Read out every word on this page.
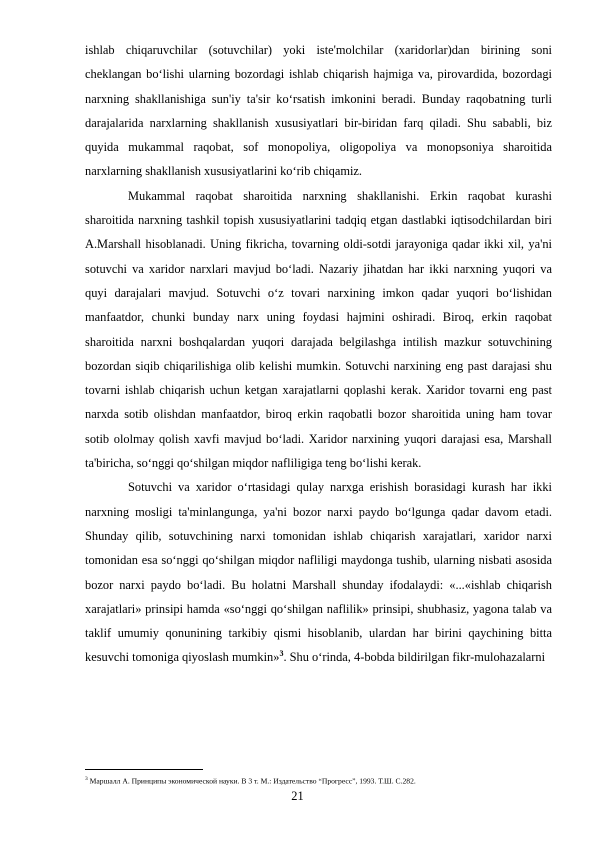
ishlab chiqaruvchilar (sotuvchilar) yoki iste'molchilar (xaridorlar)dan birining soni cheklangan bo‘lishi ularning bozordagi ishlab chiqarish hajmiga va, pirovardida, bozordagi narxning shakllanishiga sun'iy ta'sir ko‘rsatish imkonini beradi. Bunday raqobatning turli darajalarida narxlarning shakllanish xususiyatlari bir-biridan farq qiladi. Shu sababli, biz quyida mukammal raqobat, sof monopoliya, oligopoliya va monopsoniya sharoitida narxlarning shakllanish xususiyatlarini ko‘rib chiqamiz.

Mukammal raqobat sharoitida narxning shakllanishi. Erkin raqobat kurashi sharoitida narxning tashkil topish xususiyatlarini tadqiq etgan dastlabki iqtisodchilardan biri A.Marshall hisoblanadi. Uning fikricha, tovarning oldi-sotdi jarayoniga qadar ikki xil, ya'ni sotuvchi va xaridor narxlari mavjud bo‘ladi. Nazariy jihatdan har ikki narxning yuqori va quyi darajalari mavjud. Sotuvchi o‘z tovari narxining imkon qadar yuqori bo‘lishidan manfaatdor, chunki bunday narx uning foydasi hajmini oshiradi. Biroq, erkin raqobat sharoitida narxni boshqalardan yuqori darajada belgilashga intilish mazkur sotuvchining bozordan siqib chiqarilishiga olib kelishi mumkin. Sotuvchi narxining eng past darajasi shu tovarni ishlab chiqarish uchun ketgan xarajatlarni qoplashi kerak. Xaridor tovarni eng past narxda sotib olishdan manfaatdor, biroq erkin raqobatli bozor sharoitida uning ham tovar sotib ololmay qolish xavfi mavjud bo‘ladi. Xaridor narxining yuqori darajasi esa, Marshall ta'biricha, so‘nggi qo‘shilgan miqdor nafliligiga teng bo‘lishi kerak.

Sotuvchi va xaridor o‘rtasidagi qulay narxga erishish borasidagi kurash har ikki narxning mosligi ta'minlangunga, ya'ni bozor narxi paydo bo‘lgunga qadar davom etadi. Shunday qilib, sotuvchining narxi tomonidan ishlab chiqarish xarajatlari, xaridor narxi tomonidan esa so‘nggi qo‘shilgan miqdor nafliligi maydonga tushib, ularning nisbati asosida bozor narxi paydo bo‘ladi. Bu holatni Marshall shunday ifodalaydi: «...«ishlab chiqarish xarajatlari» prinsipi hamda «so‘nggi qo‘shilgan naflilik» prinsipi, shubhasiz, yagona talab va taklif umumiy qonunining tarkibiy qismi hisoblanib, ulardan har birini qaychining bitta kesuvchi tomoniga qiyoslash mumkin»$^3$. Shu o‘rinda, 4-bobda bildirilgan fikr-mulohazalarni

$^3$ Маршалл А. Принципы экономической науки. В 3 т. М.: Издательство “Прогресс”, 1993. Т.Ш. С.282.
21
